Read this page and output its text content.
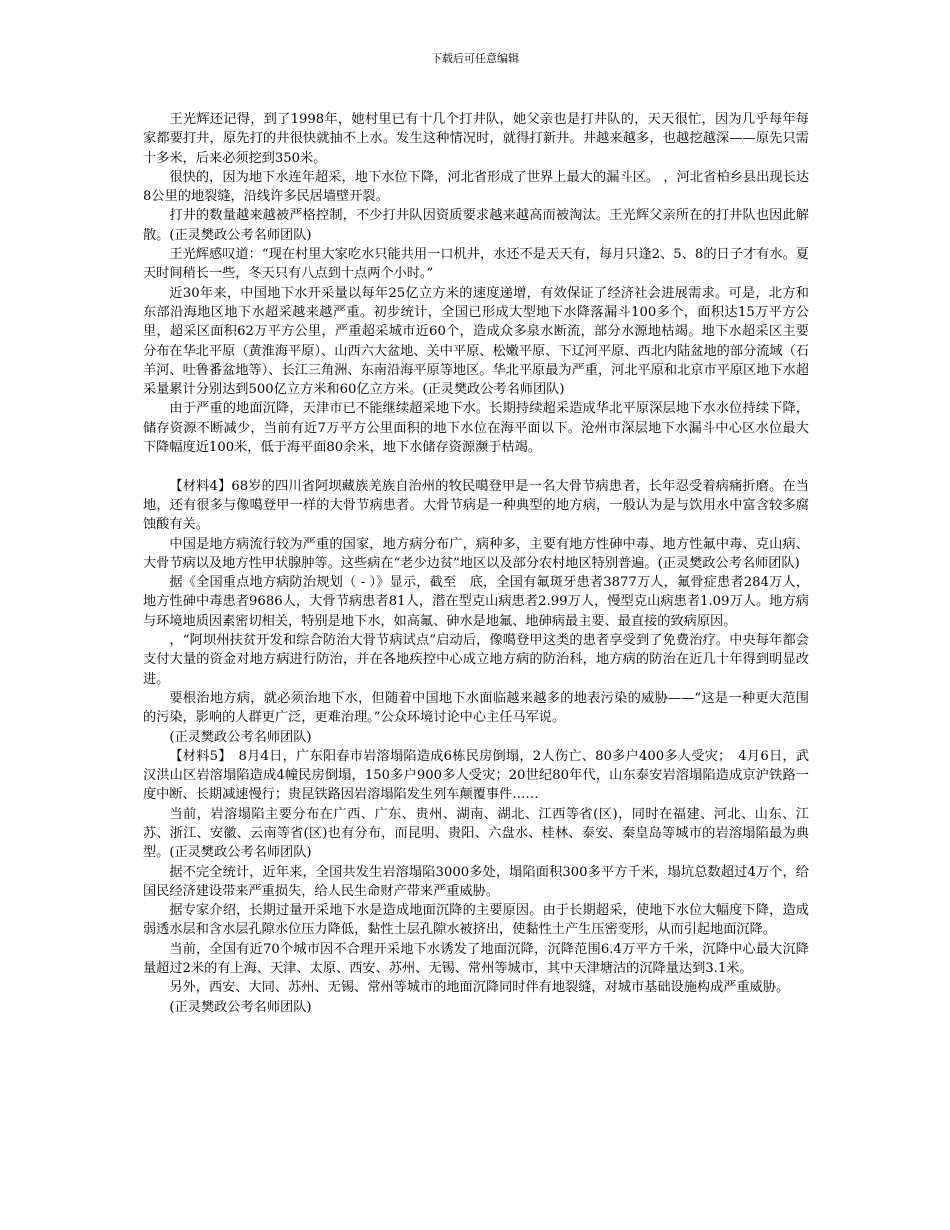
下载后可任意编辑

王光辉还记得，到了1998年，她村里已有十几个打井队，她父亲也是打井队的，天天很忙，因为几乎每年每家都要打井，原先打的井很快就抽不上水。发生这种情况时，就得打新井。井越来越多，也越挖越深——原先只需十多米，后来必须挖到350米。

很快的，因为地下水连年超采，地下水位下降，河北省形成了世界上最大的漏斗区。 ，河北省柏乡县出现长达8公里的地裂缝，沿线许多民居墙壁开裂。

打井的数量越来越被严格控制，不少打井队因资质要求越来越高而被淘汰。王光辉父亲所在的打井队也因此解散。(正灵樊政公考名师团队)

王光辉感叹道：“现在村里大家吃水只能共用一口机井，水还不是天天有，每月只逢2、5、8的日子才有水。夏天时间稍长一些，冬天只有八点到十点两个小时。”

近30年来，中国地下水开采量以每年25亿立方米的速度递增，有效保证了经济社会进展需求。可是，北方和东部沿海地区地下水超采越来越严重。初步统计，全国已形成大型地下水降落漏斗100多个，面积达15万平方公里，超采区面积62万平方公里，严重超采城市近60个，造成众多泉水断流，部分水源地枯竭。地下水超采区主要分布在华北平原（黄淮海平原）、山西六大盆地、关中平原、松嫩平原、下辽河平原、西北内陆盆地的部分流域（石羊河、吐鲁番盆地等）、长江三角洲、东南沿海平原等地区。华北平原最为严重，河北平原和北京市平原区地下水超采量累计分别达到500亿立方米和60亿立方米。(正灵樊政公考名师团队)

由于严重的地面沉降，天津市已不能继续超采地下水。长期持续超采造成华北平原深层地下水水位持续下降，储存资源不断减少，当前有近7万平方公里面积的地下水位在海平面以下。沧州市深层地下水漏斗中心区水位最大下降幅度近100米，低于海平面80余米，地下水储存资源濒于枯竭。

【材料4】68岁的四川省阿坝藏族羌族自治州的牧民噶登甲是一名大骨节病患者，长年忍受着病痛折磨。在当地，还有很多与像噶登甲一样的大骨节病患者。大骨节病是一种典型的地方病，一般认为是与饮用水中富含较多腐蚀酸有关。

中国是地方病流行较为严重的国家，地方病分布广，病种多，主要有地方性砷中毒、地方性氟中毒、克山病、大骨节病以及地方性甲状腺肿等。这些病在“老少边贫”地区以及部分农村地区特别普遍。(正灵樊政公考名师团队)

据《全国重点地方病防治规划（ - ）》显示，截至　底，全国有氟斑牙患者3877万人，氟骨症患者284万人，地方性砷中毒患者9686人，大骨节病患者81人，潜在型克山病患者2.99万人，慢型克山病患者1.09万人。地方病与环境地质因素密切相关，特别是地下水，如高氟、砷水是地氟、地砷病最主要、最直接的致病原因。

，“阿坝州扶贫开发和综合防治大骨节病试点”启动后，像噶登甲这类的患者享受到了免费治疗。中央每年都会支付大量的资金对地方病进行防治，并在各地疾控中心成立地方病的防治科，地方病的防治在近几十年得到明显改进。

要根治地方病，就必须治地下水，但随着中国地下水面临越来越多的地表污染的威胁——“这是一种更大范围的污染，影响的人群更广泛，更难治理。”公众环境讨论中心主任马军说。

(正灵樊政公考名师团队)

【材料5】　8月4日，广东阳春市岩溶塌陷造成6栋民房倒塌，2人伤亡、80多户400多人受灾；　4月6日，武汉洪山区岩溶塌陷造成4幢民房倒塌，150多户900多人受灾；20世纪80年代，山东泰安岩溶塌陷造成京沪铁路一度中断、长期减速慢行；贵昆铁路因岩溶塌陷发生列车颠覆事件……

当前，岩溶塌陷主要分布在广西、广东、贵州、湖南、湖北、江西等省(区)，同时在福建、河北、山东、江苏、浙江、安徽、云南等省(区)也有分布，而昆明、贵阳、六盘水、桂林、泰安、秦皇岛等城市的岩溶塌陷最为典型。(正灵樊政公考名师团队)

据不完全统计，近年来，全国共发生岩溶塌陷3000多处，塌陷面积300多平方千米，塌坑总数超过4万个，给国民经济建设带来严重损失，给人民生命财产带来严重威胁。

据专家介绍，长期过量开采地下水是造成地面沉降的主要原因。由于长期超采，使地下水位大幅度下降，造成弱透水层和含水层孔隙水位压力降低，黏性土层孔隙水被挤出，使黏性土产生压密变形，从而引起地面沉降。

当前，全国有近70个城市因不合理开采地下水诱发了地面沉降，沉降范围6.4万平方千米，沉降中心最大沉降量超过2米的有上海、天津、太原、西安、苏州、无锡、常州等城市，其中天津塘沽的沉降量达到3.1米。

另外，西安、大同、苏州、无锡、常州等城市的地面沉降同时伴有地裂缝，对城市基础设施构成严重威胁。

(正灵樊政公考名师团队)
